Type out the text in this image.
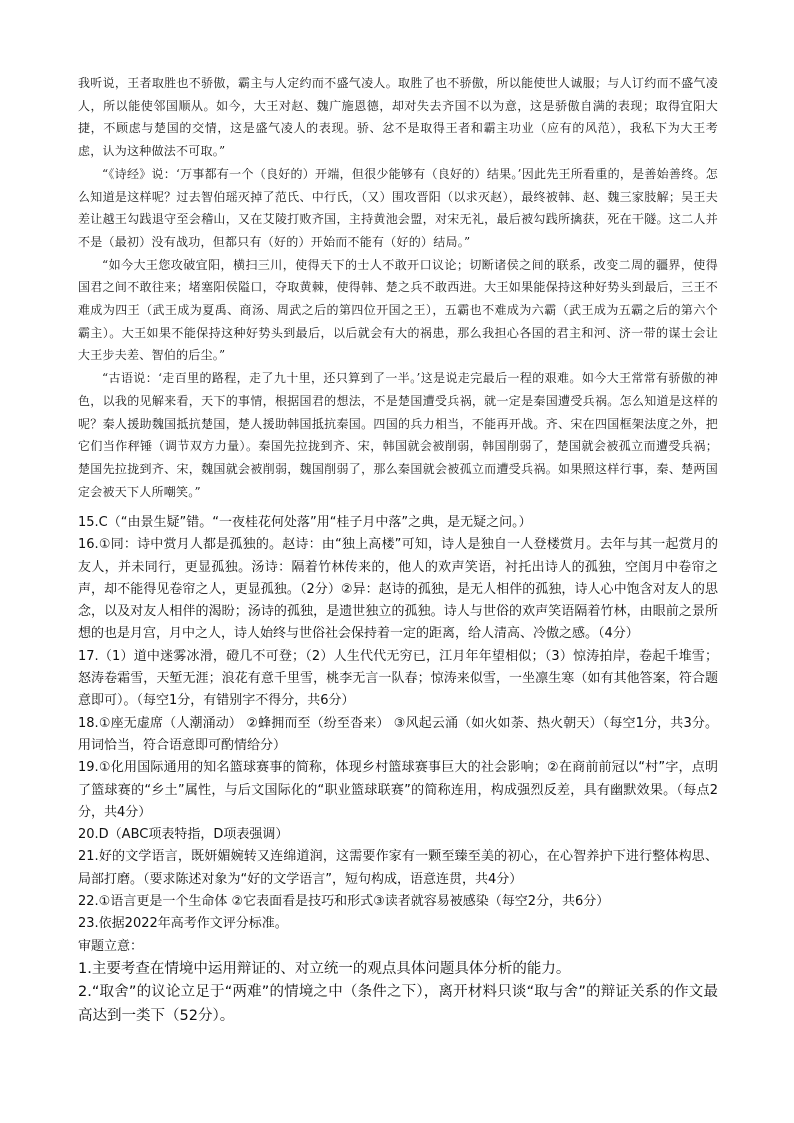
我听说，王者取胜也不骄傲，霸主与人定约而不盛气凌人。取胜了也不骄傲，所以能使世人诚服；与人订约而不盛气凌人，所以能使邻国顺从。如今，大王对赵、魏广施恩德，却对失去齐国不以为意，这是骄傲自满的表现；取得宜阳大捷，不顾虑与楚国的交情，这是盛气凌人的表现。骄、忿不是取得王者和霸主功业（应有的风范），我私下为大王考虑，认为这种做法不可取。”

“《诗经》说：‘万事都有一个（良好的）开端，但很少能够有（良好的）结果。’因此先王所看重的，是善始善终。怎么知道是这样呢？过去智伯瑶灭掉了范氏、中行氏，（又）围攻晋阳（以求灭赵），最终被韩、赵、魏三家肢解；吴王夫差让越王勾践退守至会稽山，又在艾陵打败齐国，主持黄池会盟，对宋无礼，最后被勾践所擒获，死在干隧。这二人并不是（最初）没有战功，但都只有（好的）开始而不能有（好的）结局。”

“如今大王您攻破宜阳，横扫三川，使得天下的士人不敢开口议论；切断诸侯之间的联系，改变二周的疆界，使得国君之间不敢往来；堵塞阳侯隘口，夺取黄棘，使得韩、楚之兵不敢西进。大王如果能保持这种好势头到最后，三王不难成为四王（武王成为夏禹、商汤、周武之后的第四位开国之王），五霸也不难成为六霸（武王成为五霸之后的第六个霸主）。大王如果不能保持这种好势头到最后，以后就会有大的祸患，那么我担心各国的君主和河、济一带的谋士会让大王步夫差、智伯的后尘。”

“古语说：‘走百里的路程，走了九十里，还只算到了一半。’这是说走完最后一程的艰难。如今大王常常有骄傲的神色，以我的见解来看，天下的事情，根据国君的想法，不是楚国遭受兵祸，就一定是秦国遭受兵祸。怎么知道是这样的呢？秦人援助魏国抵抗楚国，楚人援助韩国抵抗秦国。四国的兵力相当，不能再开战。齐、宋在四国框架法度之外，把它们当作秤锤（调节双方力量）。秦国先拉拢到齐、宋，韩国就会被削弱，韩国削弱了，楚国就会被孤立而遭受兵祸；楚国先拉拢到齐、宋，魏国就会被削弱，魏国削弱了，那么秦国就会被孤立而遭受兵祸。如果照这样行事，秦、楚两国定会被天下人所嘲笑。”

15.C（“由景生疑”错。“一夜桂花何处落”用“桂子月中落”之典，是无疑之问。）

16.①同：诗中赏月人都是孤独的。赵诗：由“独上高楼”可知，诗人是独自一人登楼赏月。去年与其一起赏月的友人，并未同行，更显孤独。汤诗：隔着竹林传来的，他人的欢声笑语，衬托出诗人的孤独，空闺月中卷帘之声，却不能得见卷帘之人，更显孤独。（2分）②异：赵诗的孤独，是无人相伴的孤独，诗人心中饱含对友人的思念，以及对友人相伴的渴盼；汤诗的孤独，是遗世独立的孤独。诗人与世俗的欢声笑语隔着竹林，由眼前之景所想的也是月宫，月中之人，诗人始终与世俗社会保持着一定的距离，给人清高、冷傲之感。（4分）

17.（1）道中迷雾冰滑，磴几不可登；（2）人生代代无穷已，江月年年望相似；（3）惊涛拍岸，卷起千堆雪；怒涛卷霜雪，天堑无涯；浪花有意千里雪，桃李无言一队春；惊涛来似雪，一坐凛生寒（如有其他答案，符合题意即可）。（每空1分，有错别字不得分，共6分）

18.①座无虚席（人潮涌动） ②蜂拥而至（纷至沓来） ③风起云涌（如火如荼、热火朝天）（每空1分，共3分。用词恰当，符合语意即可酌情给分）

19.①化用国际通用的知名篮球赛事的简称，体现乡村篮球赛事巨大的社会影响；②在商前前冠以“村”字，点明了篮球赛的“乡土”属性，与后文国际化的“职业篮球联赛”的简称连用，构成强烈反差，具有幽默效果。（每点2分，共4分）

20.D（ABC项表特指，D项表强调）

21.好的文学语言，既妍媚婉转又连绵道润，这需要作家有一颗至臻至美的初心，在心智养护下进行整体构思、局部打磨。（要求陈述对象为“好的文学语言”，短句构成，语意连贯，共4分）

22.①语言更是一个生命体 ②它表面看是技巧和形式③读者就容易被感染（每空2分，共6分）

23.依据2022年高考作文评分标准。

审题立意：

1.主要考查在情境中运用辩证的、对立统一的观点具体问题具体分析的能力。

2.“取舍”的议论立足于“两难”的情境之中（条件之下），离开材料只谈“取与舍”的辩证关系的作文最高达到一类下（52分）。
